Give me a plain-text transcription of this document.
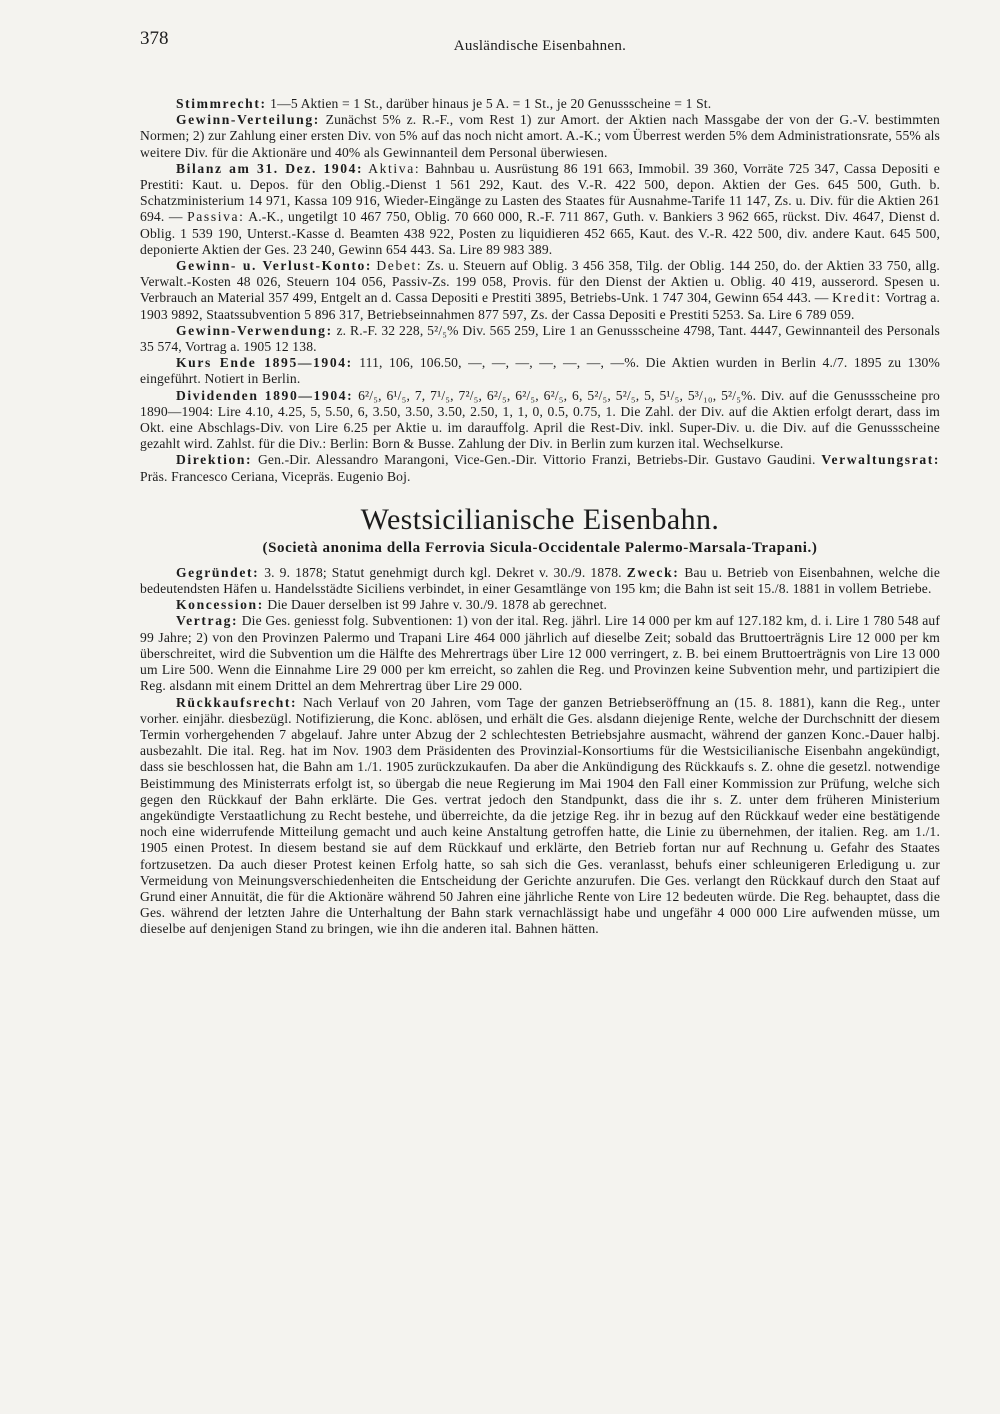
378	Ausländische Eisenbahnen.

Stimmrecht: 1—5 Aktien = 1 St., darüber hinaus je 5 A. = 1 St., je 20 Genussscheine = 1 St.

Gewinn-Verteilung: Zunächst 5% z. R.-F., vom Rest 1) zur Amort. der Aktien nach Massgabe der von der G.-V. bestimmten Normen; 2) zur Zahlung einer ersten Div. von 5% auf das noch nicht amort. A.-K.; vom Überrest werden 5% dem Administrationsrate, 55% als weitere Div. für die Aktionäre und 40% als Gewinnanteil dem Personal überwiesen.

Bilanz am 31. Dez. 1904: Aktiva: Bahnbau u. Ausrüstung 86 191 663, Immobil. 39 360, Vorräte 725 347, Cassa Depositi e Prestiti: Kaut. u. Depos. für den Oblig.-Dienst 1 561 292, Kaut. des V.-R. 422 500, depon. Aktien der Ges. 645 500, Guth. b. Schatzministerium 14 971, Kassa 109 916, Wieder-Eingänge zu Lasten des Staates für Ausnahme-Tarife 11 147, Zs. u. Div. für die Aktien 261 694. — Passiva: A.-K., ungetilgt 10 467 750, Oblig. 70 660 000, R.-F. 711 867, Guth. v. Bankiers 3 962 665, rückst. Div. 4647, Dienst d. Oblig. 1 539 190, Unterst.-Kasse d. Beamten 438 922, Posten zu liquidieren 452 665, Kaut. des V.-R. 422 500, div. andere Kaut. 645 500, deponierte Aktien der Ges. 23 240, Gewinn 654 443. Sa. Lire 89 983 389.

Gewinn- u. Verlust-Konto: Debet: Zs. u. Steuern auf Oblig. 3 456 358, Tilg. der Oblig. 144 250, do. der Aktien 33 750, allg. Verwalt.-Kosten 48 026, Steuern 104 056, Passiv-Zs. 199 058, Provis. für den Dienst der Aktien u. Oblig. 40 419, ausserord. Spesen u. Verbrauch an Material 357 499, Entgelt an d. Cassa Depositi e Prestiti 3895, Betriebs-Unk. 1 747 304, Gewinn 654 443. — Kredit: Vortrag a. 1903 9892, Staatssubvention 5 896 317, Betriebseinnahmen 877 597, Zs. der Cassa Depositi e Prestiti 5253. Sa. Lire 6 789 059.

Gewinn-Verwendung: z. R.-F. 32 228, 5²/₅% Div. 565 259, Lire 1 an Genussscheine 4798, Tant. 4447, Gewinnanteil des Personals 35 574, Vortrag a. 1905 12 138.

Kurs Ende 1895—1904: 111, 106, 106.50, —, —, —, —, —, —, —%. Die Aktien wurden in Berlin 4./7. 1895 zu 130% eingeführt. Notiert in Berlin.

Dividenden 1890—1904: 6²/₅, 6¹/₅, 7, 7¹/₅, 7²/₅, 6²/₅, 6²/₅, 6²/₅, 6, 5²/₅, 5²/₅, 5, 5¹/₅, 5³/₁₀, 5²/₅%. Div. auf die Genussscheine pro 1890—1904: Lire 4.10, 4.25, 5, 5.50, 6, 3.50, 3.50, 3.50, 2.50, 1, 1, 0, 0.5, 0.75, 1. Die Zahl. der Div. auf die Aktien erfolgt derart, dass im Okt. eine Abschlags-Div. von Lire 6.25 per Aktie u. im darauffolg. April die Rest-Div. inkl. Super-Div. u. die Div. auf die Genussscheine gezahlt wird. Zahlst. für die Div.: Berlin: Born & Busse. Zahlung der Div. in Berlin zum kurzen ital. Wechselkurse.

Direktion: Gen.-Dir. Alessandro Marangoni, Vice-Gen.-Dir. Vittorio Franzi, Betriebs-Dir. Gustavo Gaudini. Verwaltungsrat: Präs. Francesco Ceriana, Vicepräs. Eugenio Boj.

Westsicilianische Eisenbahn.
(Società anonima della Ferrovia Sicula-Occidentale Palermo-Marsala-Trapani.)

Gegründet: 3. 9. 1878; Statut genehmigt durch kgl. Dekret v. 30./9. 1878. Zweck: Bau u. Betrieb von Eisenbahnen, welche die bedeutendsten Häfen u. Handelsstädte Siciliens verbindet, in einer Gesamtlänge von 195 km; die Bahn ist seit 15./8. 1881 in vollem Betriebe.

Koncession: Die Dauer derselben ist 99 Jahre v. 30./9. 1878 ab gerechnet.

Vertrag: Die Ges. geniesst folg. Subventionen: 1) von der ital. Reg. jährl. Lire 14 000 per km auf 127.182 km, d. i. Lire 1 780 548 auf 99 Jahre; 2) von den Provinzen Palermo und Trapani Lire 464 000 jährlich auf dieselbe Zeit; sobald das Bruttoerträgnis Lire 12 000 per km überschreitet, wird die Subvention um die Hälfte des Mehrertrags über Lire 12 000 verringert, z. B. bei einem Bruttoerträgnis von Lire 13 000 um Lire 500. Wenn die Einnahme Lire 29 000 per km erreicht, so zahlen die Reg. und Provinzen keine Subvention mehr, und partizipiert die Reg. alsdann mit einem Drittel an dem Mehrertrag über Lire 29 000.

Rückkaufsrecht: Nach Verlauf von 20 Jahren, vom Tage der ganzen Betriebseröffnung an (15. 8. 1881), kann die Reg., unter vorher. einjähr. diesbezügl. Notifizierung, die Konc. ablösen, und erhält die Ges. alsdann diejenige Rente, welche der Durchschnitt der diesem Termin vorhergehenden 7 abgelauf. Jahre unter Abzug der 2 schlechtesten Betriebsjahre ausmacht, während der ganzen Konc.-Dauer halbj. ausbezahlt. Die ital. Reg. hat im Nov. 1903 dem Präsidenten des Provinzial-Konsortiums für die Westsicilianische Eisenbahn angekündigt, dass sie beschlossen hat, die Bahn am 1./1. 1905 zurückzukaufen. Da aber die Ankündigung des Rückkaufs s. Z. ohne die gesetzl. notwendige Beistimmung des Ministerrats erfolgt ist, so übergab die neue Regierung im Mai 1904 den Fall einer Kommission zur Prüfung, welche sich gegen den Rückkauf der Bahn erklärte. Die Ges. vertrat jedoch den Standpunkt, dass die ihr s. Z. unter dem früheren Ministerium angekündigte Verstaatlichung zu Recht bestehe, und überreichte, da die jetzige Reg. ihr in bezug auf den Rückkauf weder eine bestätigende noch eine widerrufende Mitteilung gemacht und auch keine Anstaltung getroffen hatte, die Linie zu übernehmen, der italien. Reg. am 1./1. 1905 einen Protest. In diesem bestand sie auf dem Rückkauf und erklärte, den Betrieb fortan nur auf Rechnung u. Gefahr des Staates fortzusetzen. Da auch dieser Protest keinen Erfolg hatte, so sah sich die Ges. veranlasst, behufs einer schleunigeren Erledigung u. zur Vermeidung von Meinungsverschiedenheiten die Entscheidung der Gerichte anzurufen. Die Ges. verlangt den Rückkauf durch den Staat auf Grund einer Annuität, die für die Aktionäre während 50 Jahren eine jährliche Rente von Lire 12 bedeuten würde. Die Reg. behauptet, dass die Ges. während der letzten Jahre die Unterhaltung der Bahn stark vernachlässigt habe und ungefähr 4 000 000 Lire aufwenden müsse, um dieselbe auf denjenigen Stand zu bringen, wie ihn die anderen ital. Bahnen hätten.
